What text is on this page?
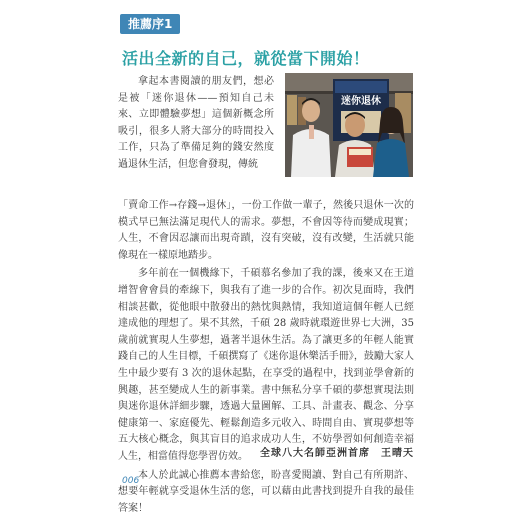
推薦序1
活出全新的自己，就從當下開始！
迷你退休

拿起本書閱讀的朋友們，想必是被「迷你退休——預知自己未來、立即體驗夢想」這個新概念所吸引，很多人將大部分的時間投入工作，只為了準備足夠的錢安然度過退休生活，但您會發現，傳統

「賣命工作→存錢→退休」，一份工作做一輩子，然後只退休一次的模式早已無法滿足現代人的需求。夢想，不會因等待而變成現實；人生，不會因忍讓而出現奇蹟，沒有突破，沒有改變，生活就只能像現在一樣原地踏步。

多年前在一個機緣下，千碩慕名參加了我的課，後來又在王道增智會會員的牽線下，與我有了進一步的合作。初次見面時，我們相談甚歡，從他眼中散發出的熱忱與熱情，我知道這個年輕人已經達成他的理想了。果不其然，千碩 28 歲時就環遊世界七大洲，35 歲前就實現人生夢想，過著半退休生活。為了讓更多的年輕人能實踐自己的人生目標，千碩撰寫了《迷你退休樂活手冊》，鼓勵大家人生中最少要有 3 次的退休起點，在享受的過程中，找到並學會新的興趣，甚至變成人生的新事業。書中無私分享千碩的夢想實現法則與迷你退休詳細步驟，透過大量圖解、工具、計畫表、觀念、分享健康第一、家庭優先、輕鬆創造多元收入、時間自由、實現夢想等五大核心概念，與其盲目的追求成功人生，不妨學習如何創造幸福人生，相當值得您學習仿效。

本人於此誠心推薦本書給您，盼喜愛閱讀、對自己有所期許、想要年輕就享受退休生活的您，可以藉由此書找到提升自我的最佳答案！

全球八大名師亞洲首席　王晴天
006
